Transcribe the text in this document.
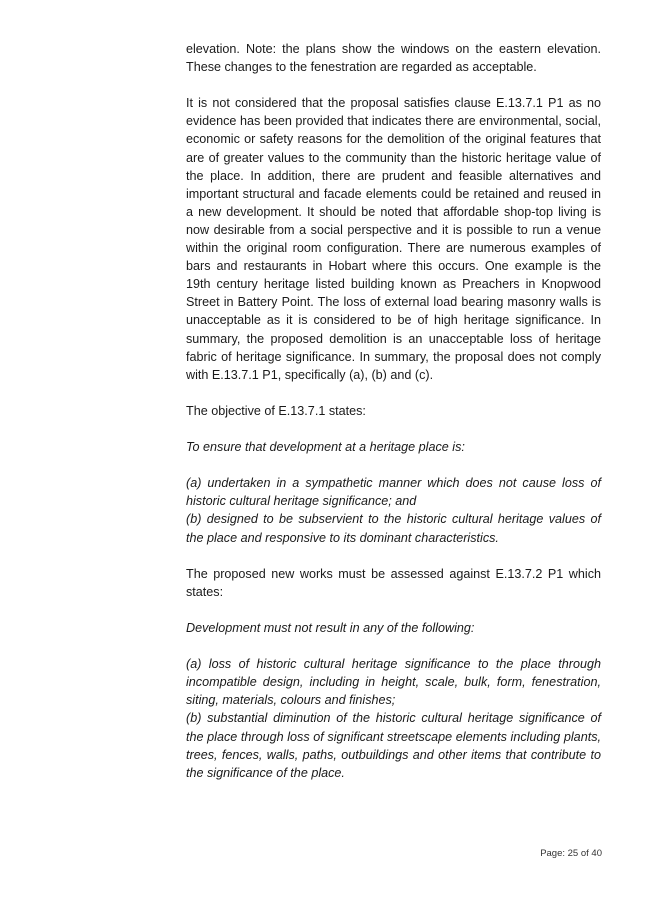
elevation. Note: the plans show the windows on the eastern elevation. These changes to the fenestration are regarded as acceptable.

It is not considered that the proposal satisfies clause E.13.7.1 P1 as no evidence has been provided that indicates there are environmental, social, economic or safety reasons for the demolition of the original features that are of greater values to the community than the historic heritage value of the place. In addition, there are prudent and feasible alternatives and important structural and facade elements could be retained and reused in a new development. It should be noted that affordable shop-top living is now desirable from a social perspective and it is possible to run a venue within the original room configuration. There are numerous examples of bars and restaurants in Hobart where this occurs. One example is the 19th century heritage listed building known as Preachers in Knopwood Street in Battery Point. The loss of external load bearing masonry walls is unacceptable as it is considered to be of high heritage significance. In summary, the proposed demolition is an unacceptable loss of heritage fabric of heritage significance. In summary, the proposal does not comply with E.13.7.1 P1, specifically (a), (b) and (c).

The objective of E.13.7.1 states:

To ensure that development at a heritage place is:

(a) undertaken in a sympathetic manner which does not cause loss of historic cultural heritage significance; and

(b) designed to be subservient to the historic cultural heritage values of the place and responsive to its dominant characteristics.

The proposed new works must be assessed against E.13.7.2 P1 which states:

Development must not result in any of the following:

(a) loss of historic cultural heritage significance to the place through incompatible design, including in height, scale, bulk, form, fenestration, siting, materials, colours and finishes;

(b) substantial diminution of the historic cultural heritage significance of the place through loss of significant streetscape elements including plants, trees, fences, walls, paths, outbuildings and other items that contribute to the significance of the place.

Page: 25 of 40
